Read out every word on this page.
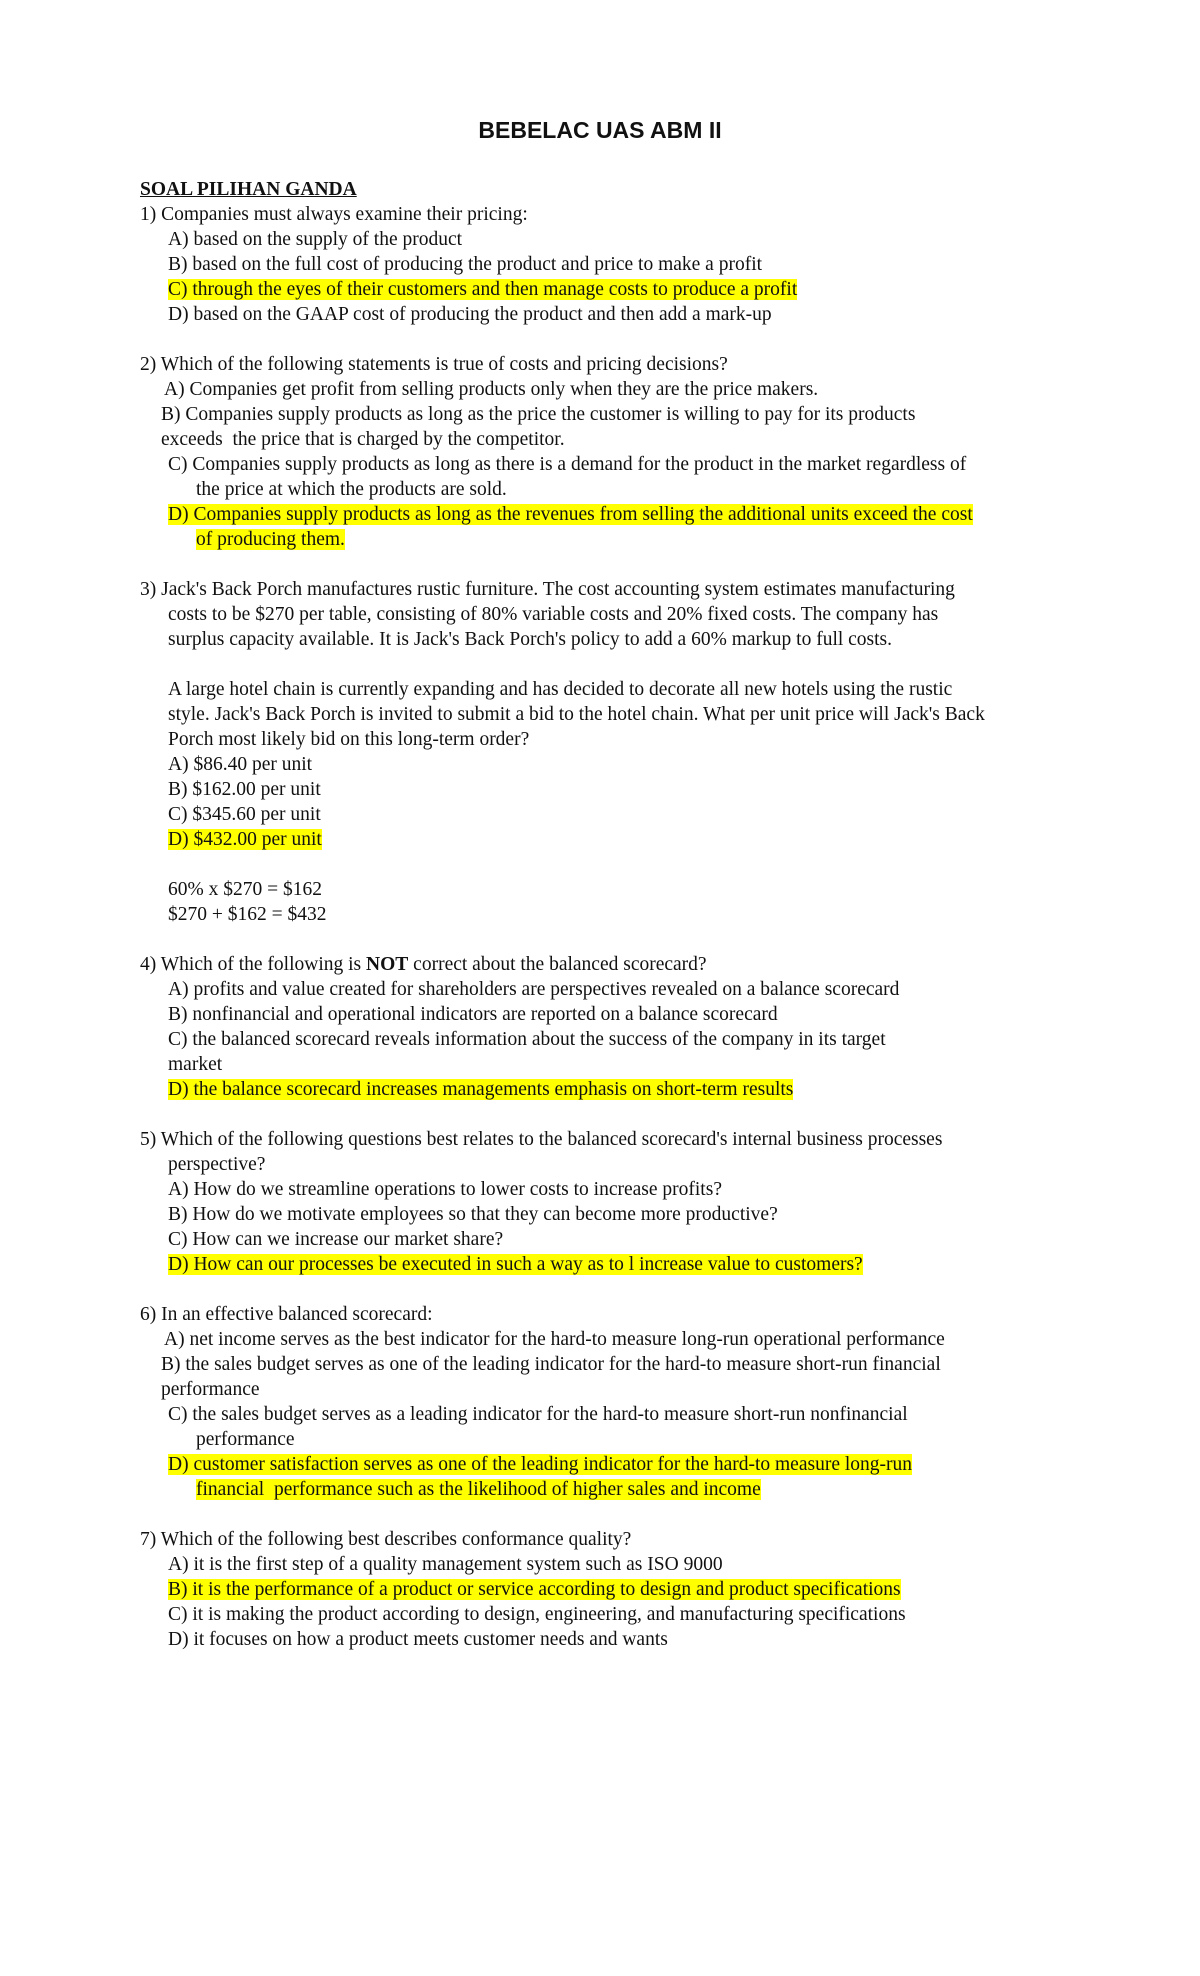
BEBELAC UAS ABM II
SOAL PILIHAN GANDA
1) Companies must always examine their pricing:
A) based on the supply of the product
B) based on the full cost of producing the product and price to make a profit
C) through the eyes of their customers and then manage costs to produce a profit
D) based on the GAAP cost of producing the product and then add a mark-up
2) Which of the following statements is true of costs and pricing decisions?
A) Companies get profit from selling products only when they are the price makers.
B) Companies supply products as long as the price the customer is willing to pay for its products
exceeds  the price that is charged by the competitor.
C) Companies supply products as long as there is a demand for the product in the market regardless of
the price at which the products are sold.
D) Companies supply products as long as the revenues from selling the additional units exceed the cost
of producing them.
3) Jack's Back Porch manufactures rustic furniture. The cost accounting system estimates manufacturing
costs to be $270 per table, consisting of 80% variable costs and 20% fixed costs. The company has
surplus capacity available. It is Jack's Back Porch's policy to add a 60% markup to full costs.
A large hotel chain is currently expanding and has decided to decorate all new hotels using the rustic
style. Jack's Back Porch is invited to submit a bid to the hotel chain. What per unit price will Jack's Back
Porch most likely bid on this long-term order?
A) $86.40 per unit
B) $162.00 per unit
C) $345.60 per unit
D) $432.00 per unit
60% x $270 = $162
$270 + $162 = $432
4) Which of the following is NOT correct about the balanced scorecard?
A) profits and value created for shareholders are perspectives revealed on a balance scorecard
B) nonfinancial and operational indicators are reported on a balance scorecard
C) the balanced scorecard reveals information about the success of the company in its target
market
D) the balance scorecard increases managements emphasis on short-term results
5) Which of the following questions best relates to the balanced scorecard's internal business processes
perspective?
A) How do we streamline operations to lower costs to increase profits?
B) How do we motivate employees so that they can become more productive?
C) How can we increase our market share?
D) How can our processes be executed in such a way as to l increase value to customers?
6) In an effective balanced scorecard:
A) net income serves as the best indicator for the hard-to measure long-run operational performance
B) the sales budget serves as one of the leading indicator for the hard-to measure short-run financial
performance
C) the sales budget serves as a leading indicator for the hard-to measure short-run nonfinancial
performance
D) customer satisfaction serves as one of the leading indicator for the hard-to measure long-run
financial  performance such as the likelihood of higher sales and income
7) Which of the following best describes conformance quality?
A) it is the first step of a quality management system such as ISO 9000
B) it is the performance of a product or service according to design and product specifications
C) it is making the product according to design, engineering, and manufacturing specifications
D) it focuses on how a product meets customer needs and wants
